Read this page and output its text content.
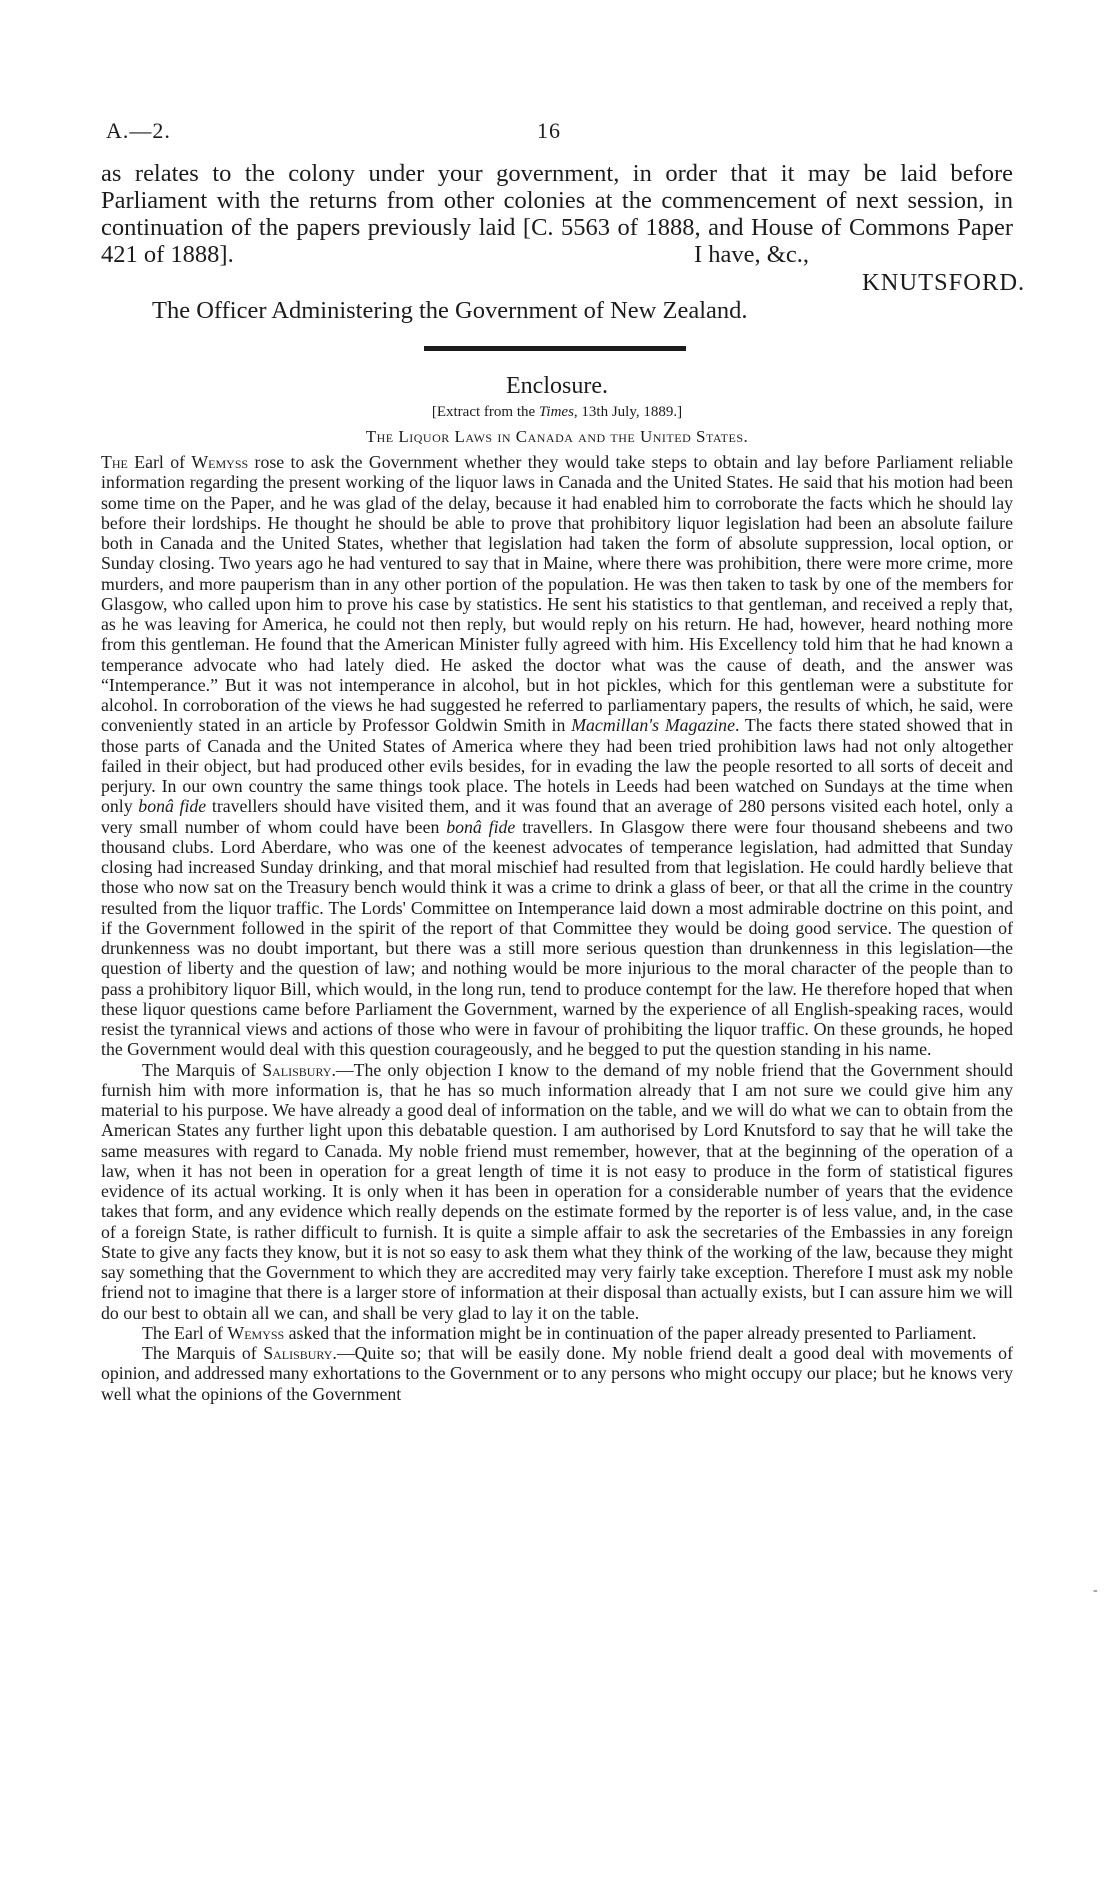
A.—2.	16

as relates to the colony under your government, in order that it may be laid before Parliament with the returns from other colonies at the commencement of next session, in continuation of the papers previously laid [C. 5563 of 1888, and House of Commons Paper 421 of 1888].	I have, &c.,
KNUTSFORD.
The Officer Administering the Government of New Zealand.
Enclosure.
[Extract from the Times, 13th July, 1889.]
The Liquor Laws in Canada and the United States.

The Earl of Wemyss rose to ask the Government whether they would take steps to obtain and lay before Parliament reliable information regarding the present working of the liquor laws in Canada and the United States. He said that his motion had been some time on the Paper, and he was glad of the delay, because it had enabled him to corroborate the facts which he should lay before their lordships. He thought he should be able to prove that prohibitory liquor legislation had been an absolute failure both in Canada and the United States, whether that legislation had taken the form of absolute suppression, local option, or Sunday closing. Two years ago he had ventured to say that in Maine, where there was prohibition, there were more crime, more murders, and more pauperism than in any other portion of the population. He was then taken to task by one of the members for Glasgow, who called upon him to prove his case by statistics. He sent his statistics to that gentleman, and received a reply that, as he was leaving for America, he could not then reply, but would reply on his return. He had, however, heard nothing more from this gentleman. He found that the American Minister fully agreed with him. His Excellency told him that he had known a temperance advocate who had lately died. He asked the doctor what was the cause of death, and the answer was “Intemperance.” But it was not intemperance in alcohol, but in hot pickles, which for this gentleman were a substitute for alcohol. In corroboration of the views he had suggested he referred to parliamentary papers, the results of which, he said, were conveniently stated in an article by Professor Goldwin Smith in Macmillan's Magazine. The facts there stated showed that in those parts of Canada and the United States of America where they had been tried prohibition laws had not only altogether failed in their object, but had produced other evils besides, for in evading the law the people resorted to all sorts of deceit and perjury. In our own country the same things took place. The hotels in Leeds had been watched on Sundays at the time when only bonâ fide travellers should have visited them, and it was found that an average of 280 persons visited each hotel, only a very small number of whom could have been bonâ fide travellers. In Glasgow there were four thousand shebeens and two thousand clubs. Lord Aberdare, who was one of the keenest advocates of temperance legislation, had admitted that Sunday closing had increased Sunday drinking, and that moral mischief had resulted from that legislation. He could hardly believe that those who now sat on the Treasury bench would think it was a crime to drink a glass of beer, or that all the crime in the country resulted from the liquor traffic. The Lords' Committee on Intemperance laid down a most admirable doctrine on this point, and if the Government followed in the spirit of the report of that Committee they would be doing good service. The question of drunkenness was no doubt important, but there was a still more serious question than drunkenness in this legislation—the question of liberty and the question of law; and nothing would be more injurious to the moral character of the people than to pass a prohibitory liquor Bill, which would, in the long run, tend to produce contempt for the law. He therefore hoped that when these liquor questions came before Parliament the Government, warned by the experience of all English-speaking races, would resist the tyrannical views and actions of those who were in favour of prohibiting the liquor traffic. On these grounds, he hoped the Government would deal with this question courageously, and he begged to put the question standing in his name.

The Marquis of Salisbury.—The only objection I know to the demand of my noble friend that the Government should furnish him with more information is, that he has so much information already that I am not sure we could give him any material to his purpose. We have already a good deal of information on the table, and we will do what we can to obtain from the American States any further light upon this debatable question. I am authorised by Lord Knutsford to say that he will take the same measures with regard to Canada. My noble friend must remember, however, that at the beginning of the operation of a law, when it has not been in operation for a great length of time it is not easy to produce in the form of statistical figures evidence of its actual working. It is only when it has been in operation for a considerable number of years that the evidence takes that form, and any evidence which really depends on the estimate formed by the reporter is of less value, and, in the case of a foreign State, is rather difficult to furnish. It is quite a simple affair to ask the secretaries of the Embassies in any foreign State to give any facts they know, but it is not so easy to ask them what they think of the working of the law, because they might say something that the Government to which they are accredited may very fairly take exception. Therefore I must ask my noble friend not to imagine that there is a larger store of information at their disposal than actually exists, but I can assure him we will do our best to obtain all we can, and shall be very glad to lay it on the table.

The Earl of Wemyss asked that the information might be in continuation of the paper already presented to Parliament.

The Marquis of Salisbury.—Quite so; that will be easily done. My noble friend dealt a good deal with movements of opinion, and addressed many exhortations to the Government or to any persons who might occupy our place; but he knows very well what the opinions of the Government

-
